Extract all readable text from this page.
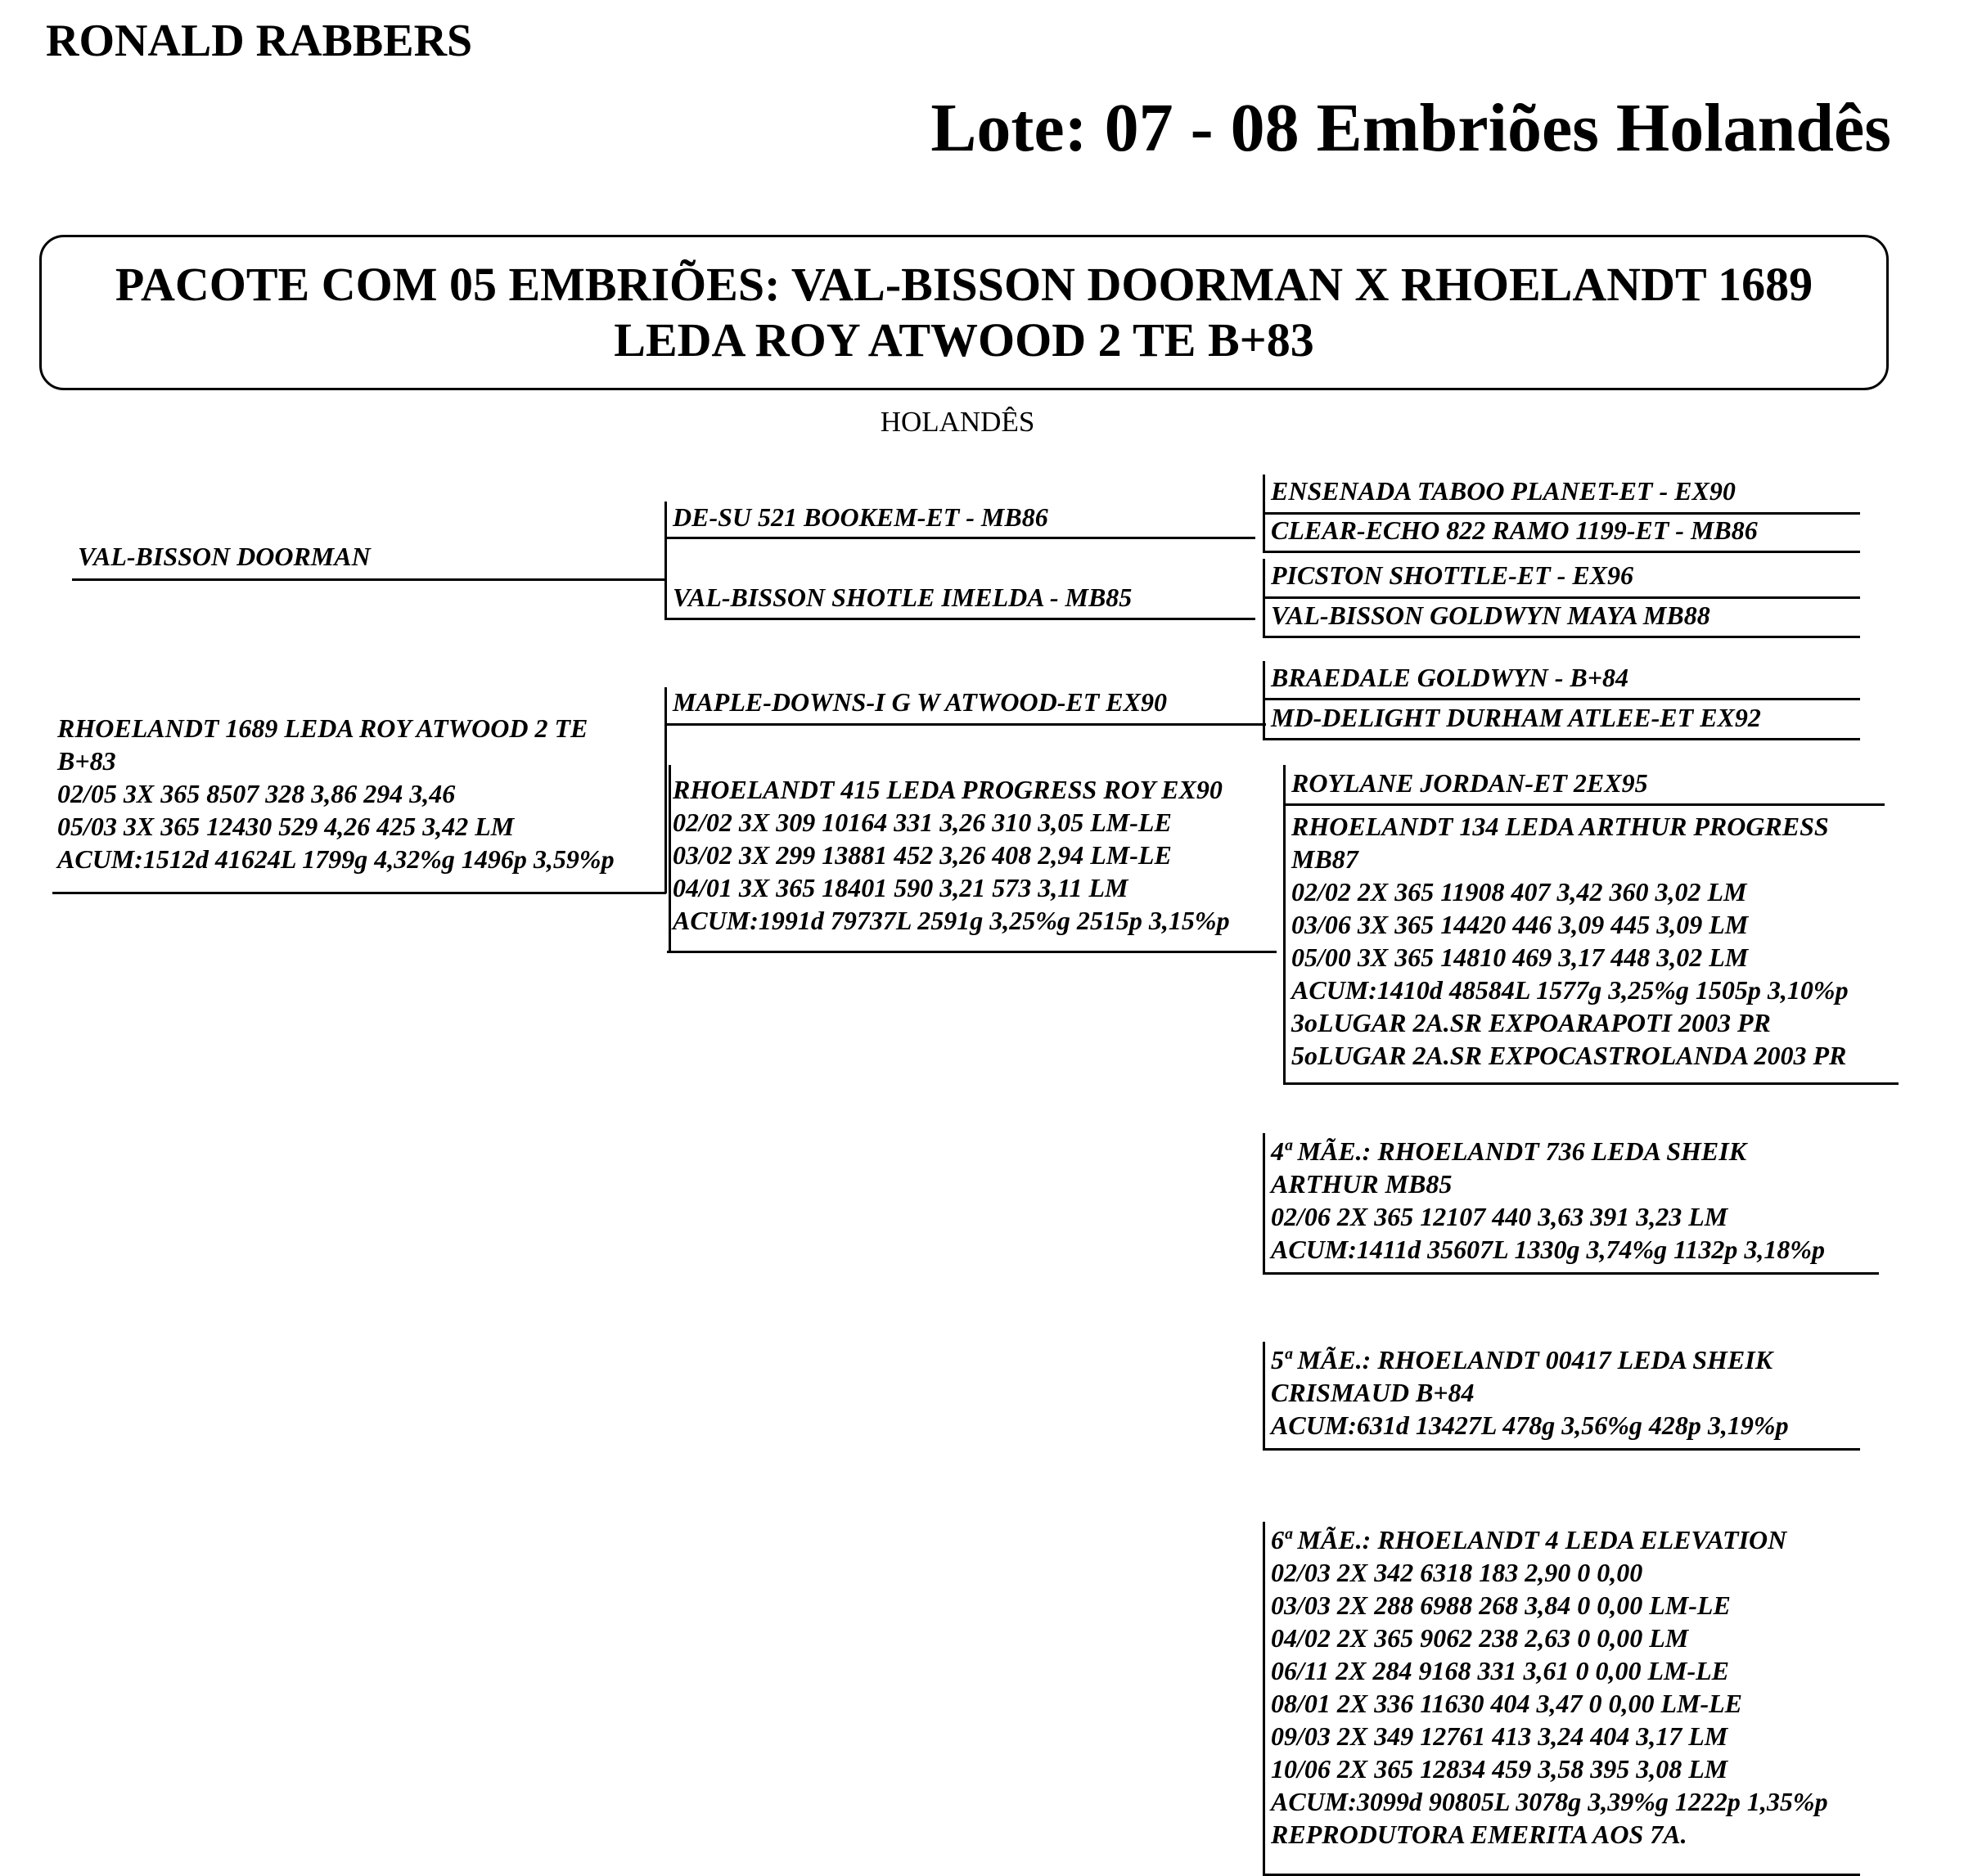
RONALD RABBERS
Lote: 07 - 08 Embriões Holandês
PACOTE COM 05 EMBRIÕES: VAL-BISSON DOORMAN X RHOELANDT 1689
LEDA ROY ATWOOD 2 TE B+83
HOLANDÊS
VAL-BISSON DOORMAN
DE-SU 521 BOOKEM-ET - MB86
VAL-BISSON SHOTLE IMELDA - MB85
ENSENADA TABOO PLANET-ET - EX90
CLEAR-ECHO 822 RAMO 1199-ET - MB86
PICSTON SHOTTLE-ET - EX96
VAL-BISSON GOLDWYN MAYA MB88
RHOELANDT 1689 LEDA ROY ATWOOD 2 TE
B+83
02/05 3X 365 8507 328 3,86 294 3,46
05/03 3X 365 12430 529 4,26 425 3,42 LM
ACUM:1512d 41624L 1799g 4,32%g 1496p 3,59%p
MAPLE-DOWNS-I G W ATWOOD-ET EX90
RHOELANDT 415 LEDA PROGRESS ROY EX90
02/02 3X 309 10164 331 3,26 310 3,05 LM-LE
03/02 3X 299 13881 452 3,26 408 2,94 LM-LE
04/01 3X 365 18401 590 3,21 573 3,11 LM
ACUM:1991d 79737L 2591g 3,25%g 2515p 3,15%p
BRAEDALE GOLDWYN - B+84
MD-DELIGHT DURHAM ATLEE-ET EX92
ROYLANE JORDAN-ET 2EX95
RHOELANDT 134 LEDA ARTHUR PROGRESS
MB87
02/02 2X 365 11908 407 3,42 360 3,02 LM
03/06 3X 365 14420 446 3,09 445 3,09 LM
05/00 3X 365 14810 469 3,17 448 3,02 LM
ACUM:1410d 48584L 1577g 3,25%g 1505p 3,10%p
3oLUGAR 2A.SR EXPOARAPOTI 2003 PR
5oLUGAR 2A.SR EXPOCASTROLANDA 2003 PR
4ª MÃE.: RHOELANDT 736 LEDA SHEIK
ARTHUR MB85
02/06 2X 365 12107 440 3,63 391 3,23 LM
ACUM:1411d 35607L 1330g 3,74%g 1132p 3,18%p
5ª MÃE.: RHOELANDT 00417 LEDA SHEIK
CRISMAUD B+84
ACUM:631d 13427L 478g 3,56%g 428p 3,19%p
6ª MÃE.: RHOELANDT 4 LEDA ELEVATION
02/03 2X 342 6318 183 2,90 0 0,00
03/03 2X 288 6988 268 3,84 0 0,00 LM-LE
04/02 2X 365 9062 238 2,63 0 0,00 LM
06/11 2X 284 9168 331 3,61 0 0,00 LM-LE
08/01 2X 336 11630 404 3,47 0 0,00 LM-LE
09/03 2X 349 12761 413 3,24 404 3,17 LM
10/06 2X 365 12834 459 3,58 395 3,08 LM
ACUM:3099d 90805L 3078g 3,39%g 1222p 1,35%p
REPRODUTORA EMERITA AOS 7A.
